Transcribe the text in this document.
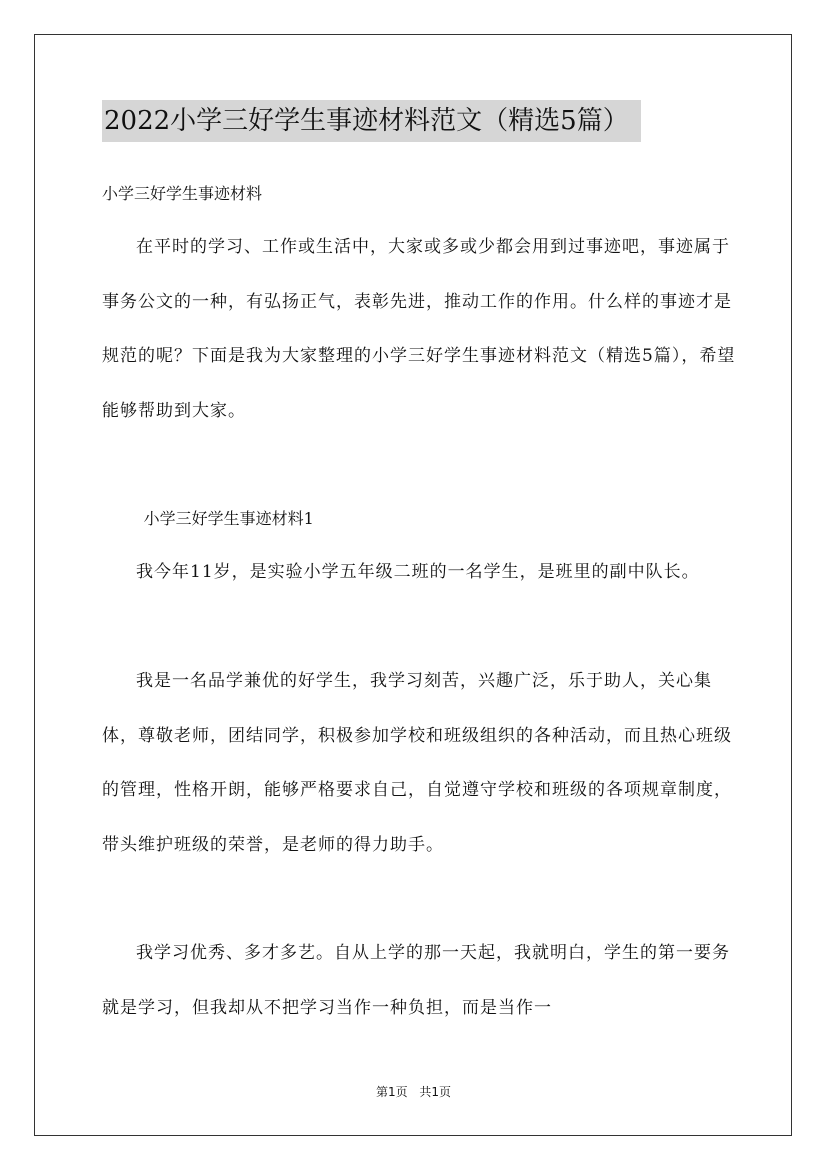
2022小学三好学生事迹材料范文（精选5篇）
小学三好学生事迹材料

在平时的学习、工作或生活中，大家或多或少都会用到过事迹吧，事迹属于事务公文的一种，有弘扬正气，表彰先进，推动工作的作用。什么样的事迹才是规范的呢？下面是我为大家整理的小学三好学生事迹材料范文（精选5篇），希望能够帮助到大家。

小学三好学生事迹材料1

我今年11岁，是实验小学五年级二班的一名学生，是班里的副中队长。

我是一名品学兼优的好学生，我学习刻苦，兴趣广泛，乐于助人，关心集体，尊敬老师，团结同学，积极参加学校和班级组织的各种活动，而且热心班级的管理，性格开朗，能够严格要求自己，自觉遵守学校和班级的各项规章制度，带头维护班级的荣誉，是老师的得力助手。

我学习优秀、多才多艺。自从上学的那一天起，我就明白，学生的第一要务就是学习，但我却从不把学习当作一种负担，而是当作一

第1页 共1页
